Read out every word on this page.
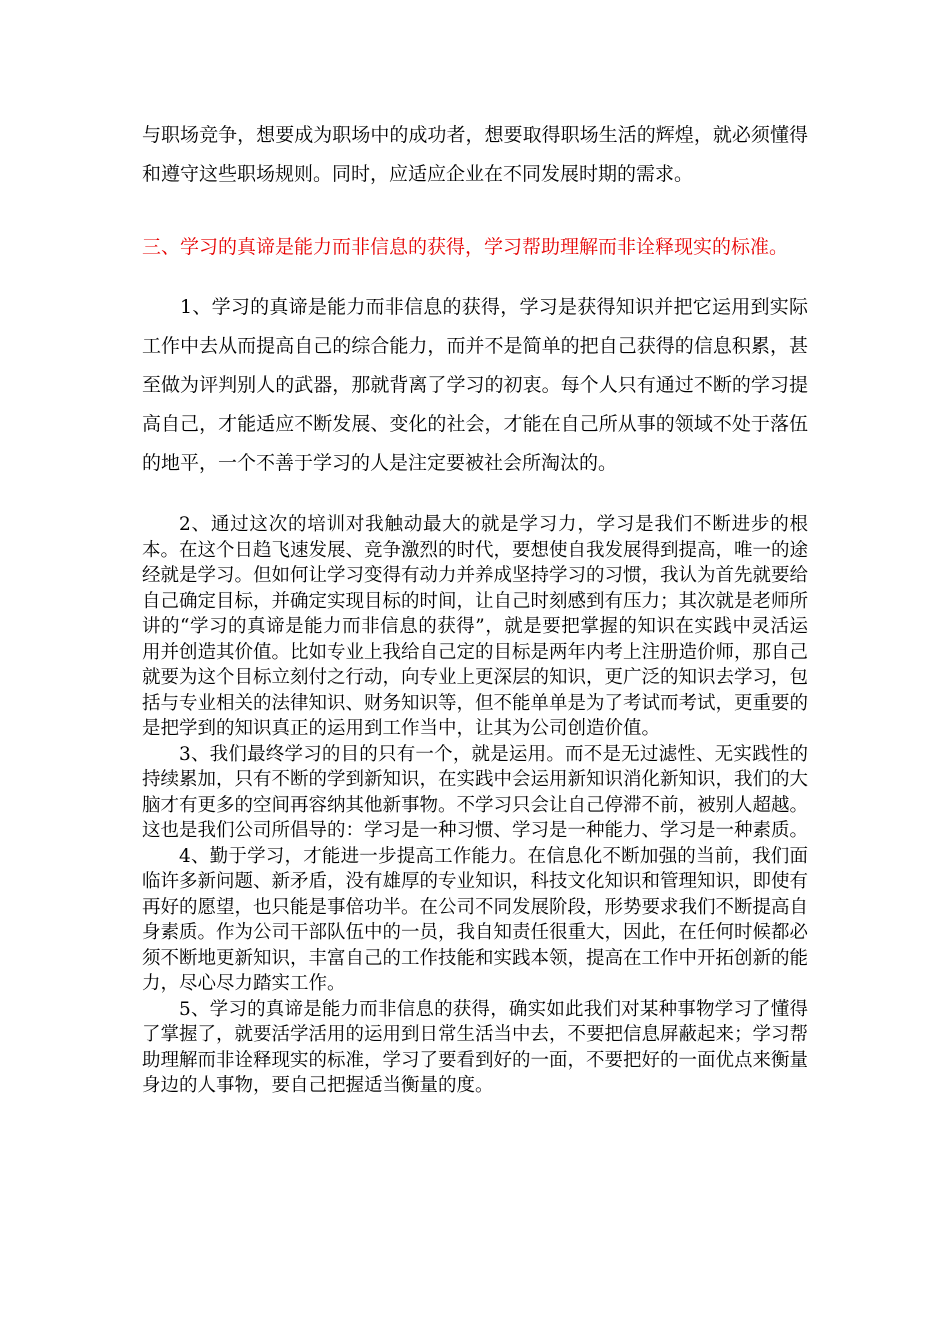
与职场竞争，想要成为职场中的成功者，想要取得职场生活的辉煌，就必须懂得和遵守这些职场规则。同时，应适应企业在不同发展时期的需求。

三、学习的真谛是能力而非信息的获得，学习帮助理解而非诠释现实的标准。

1、学习的真谛是能力而非信息的获得，学习是获得知识并把它运用到实际工作中去从而提高自己的综合能力，而并不是简单的把自己获得的信息积累，甚至做为评判别人的武器，那就背离了学习的初衷。每个人只有通过不断的学习提高自己，才能适应不断发展、变化的社会，才能在自己所从事的领域不处于落伍的地平，一个不善于学习的人是注定要被社会所淘汰的。

2、通过这次的培训对我触动最大的就是学习力，学习是我们不断进步的根本。在这个日趋飞速发展、竞争激烈的时代，要想使自我发展得到提高，唯一的途经就是学习。但如何让学习变得有动力并养成坚持学习的习惯，我认为首先就要给自己确定目标，并确定实现目标的时间，让自己时刻感到有压力；其次就是老师所讲的“学习的真谛是能力而非信息的获得”，就是要把掌握的知识在实践中灵活运用并创造其价值。比如专业上我给自己定的目标是两年内考上注册造价师，那自己就要为这个目标立刻付之行动，向专业上更深层的知识，更广泛的知识去学习，包括与专业相关的法律知识、财务知识等，但不能单单是为了考试而考试，更重要的是把学到的知识真正的运用到工作当中，让其为公司创造价值。

3、我们最终学习的目的只有一个，就是运用。而不是无过滤性、无实践性的持续累加，只有不断的学到新知识，在实践中会运用新知识消化新知识，我们的大脑才有更多的空间再容纳其他新事物。不学习只会让自己停滞不前，被别人超越。这也是我们公司所倡导的：学习是一种习惯、学习是一种能力、学习是一种素质。

4、勤于学习，才能进一步提高工作能力。在信息化不断加强的当前，我们面临许多新问题、新矛盾，没有雄厚的专业知识，科技文化知识和管理知识，即使有再好的愿望，也只能是事倍功半。在公司不同发展阶段，形势要求我们不断提高自身素质。作为公司干部队伍中的一员，我自知责任很重大，因此，在任何时候都必须不断地更新知识，丰富自己的工作技能和实践本领，提高在工作中开拓创新的能力，尽心尽力踏实工作。

5、学习的真谛是能力而非信息的获得，确实如此我们对某种事物学习了懂得了掌握了，就要活学活用的运用到日常生活当中去，不要把信息屏蔽起来；学习帮助理解而非诠释现实的标准，学习了要看到好的一面，不要把好的一面优点来衡量身边的人事物，要自己把握适当衡量的度。
